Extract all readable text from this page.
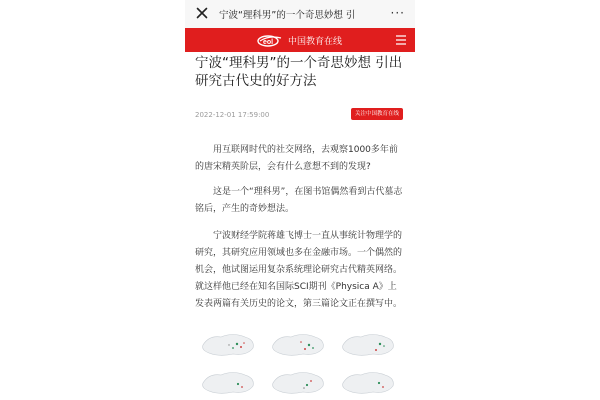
宁波“理科男”的一个奇思妙想 引	···
eol 中国教育在线
宁波“理科男”的一个奇思妙想 引出研究古代史的好方法
2022-12-01 17:59:00	关注中国教育在线
用互联网时代的社交网络，去观察1000多年前的唐宋精英阶层，会有什么意想不到的发现?
这是一个“理科男”，在图书馆偶然看到古代墓志铭后，产生的奇妙想法。
宁波财经学院蒋雄飞博士一直从事统计物理学的研究，其研究应用领域也多在金融市场。一个偶然的机会，他试图运用复杂系统理论研究古代精英网络。就这样他已经在知名国际SCI期刊《Physica A》上发表两篇有关历史的论文，第三篇论文正在撰写中。
